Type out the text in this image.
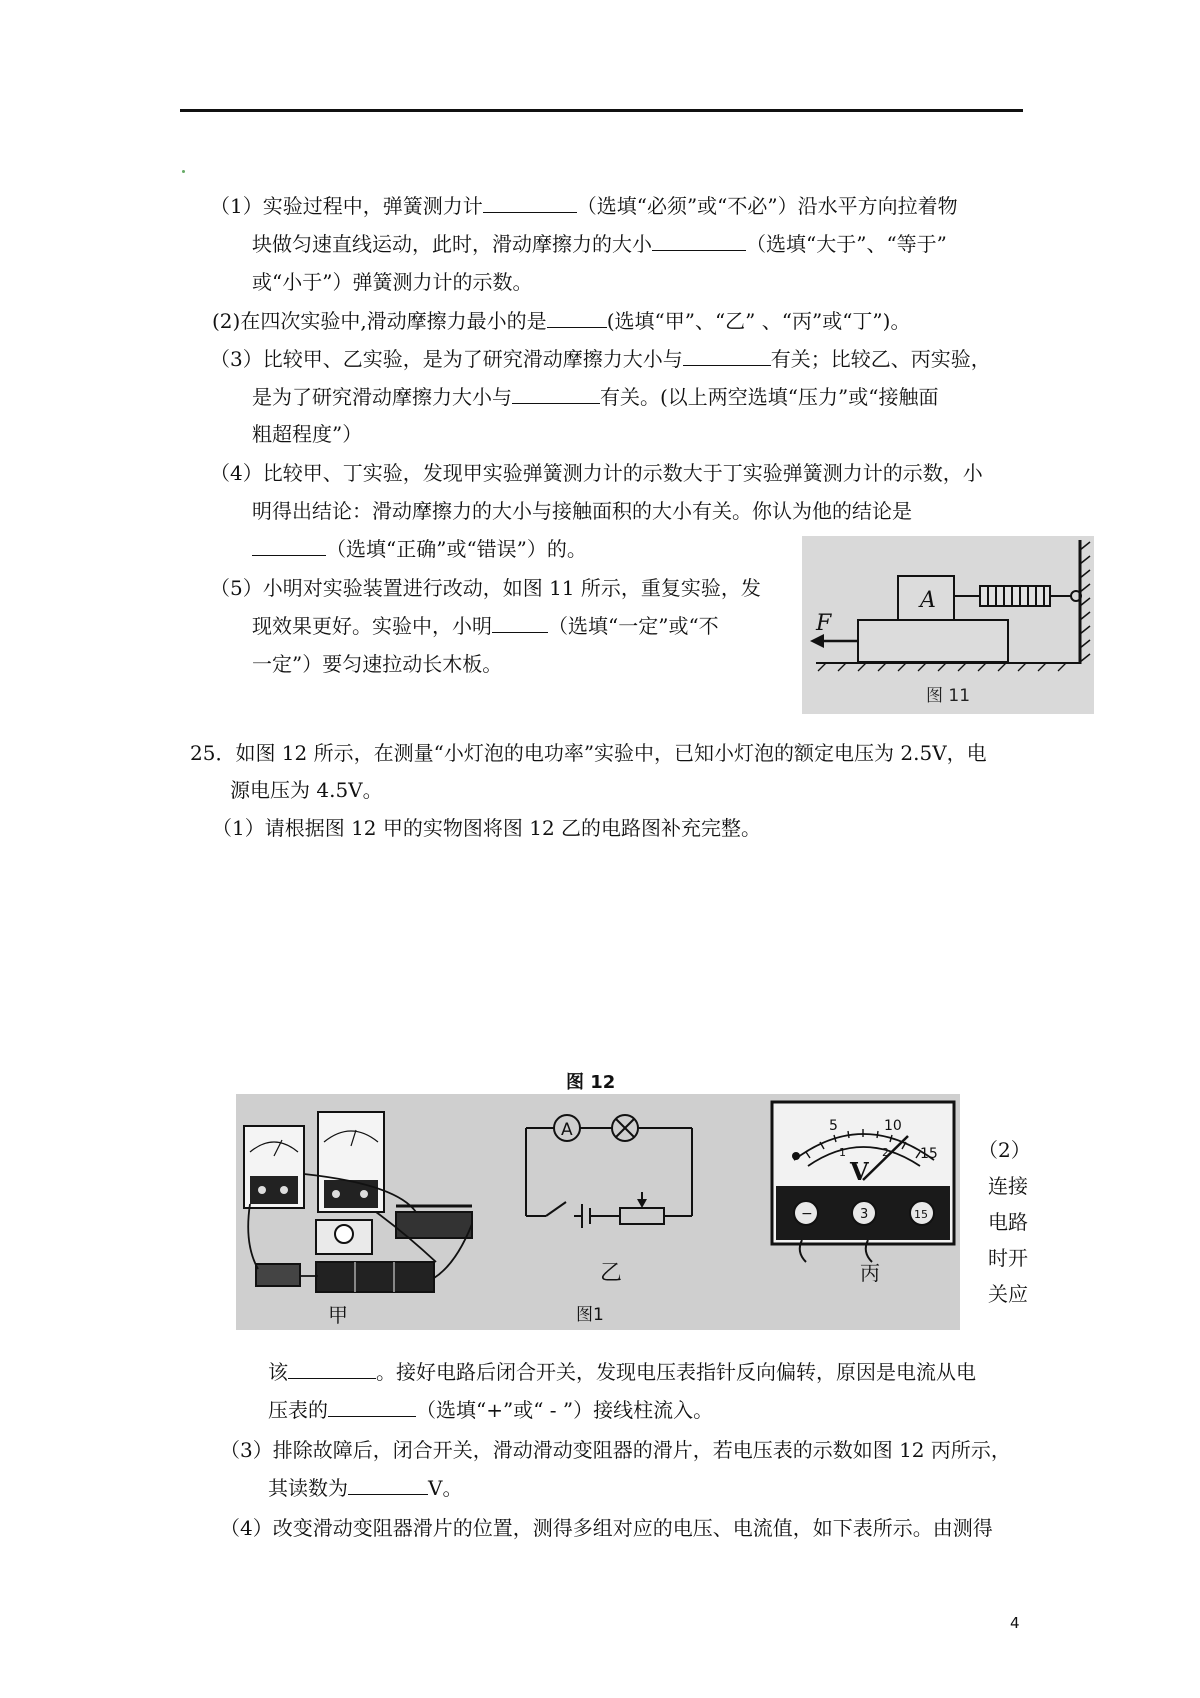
（1）实验过程中，弹簧测力计	（选填“必须”或“不必”）沿水平方向拉着物
块做匀速直线运动，此时，滑动摩擦力的大小	（选填“大于”、“等于”
或“小于”）弹簧测力计的示数。
(2)在四次实验中,滑动摩擦力最小的是	(选填“甲”、“乙” 、“丙”或“丁”)。
（3）比较甲、乙实验，是为了研究滑动摩擦力大小与	有关；比较乙、丙实验，
是为了研究滑动摩擦力大小与	有关。(以上两空选填“压力”或“接触面
粗超程度”）
（4）比较甲、丁实验，发现甲实验弹簧测力计的示数大于丁实验弹簧测力计的示数，小
明得出结论：滑动摩擦力的大小与接触面积的大小有关。你认为他的结论是
（选填“正确”或“错误”）的。
（5）小明对实验装置进行改动，如图 11 所示，重复实验，发
现效果更好。实验中，小明	（选填“一定”或“不
一定”）要匀速拉动长木板。
A
F
图 11
25．如图 12 所示，在测量“小灯泡的电功率”实验中，已知小灯泡的额定电压为 2.5V，电
源电压为 4.5V。
（1）请根据图 12 甲的实物图将图 12 乙的电路图补充完整。
图 12
甲
A
乙
图1
5	10
15
1	2
V
−	3	15
丙
（2）
连接
电路
时开
关应
该	。接好电路后闭合开关，发现电压表指针反向偏转，原因是电流从电
压表的	（选填“+”或“ - ”）接线柱流入。
（3）排除故障后，闭合开关，滑动滑动变阻器的滑片，若电压表的示数如图 12 丙所示，
其读数为	V。
（4）改变滑动变阻器滑片的位置，测得多组对应的电压、电流值，如下表所示。由测得
4
